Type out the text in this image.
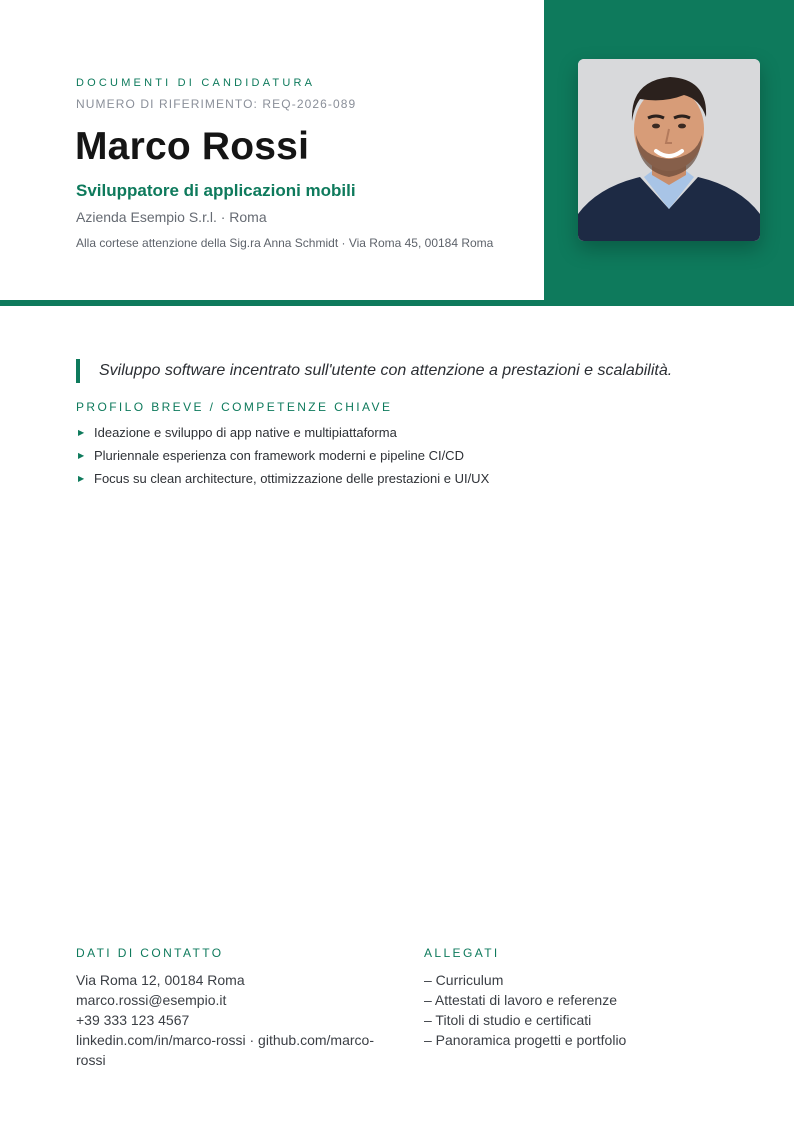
DOCUMENTI DI CANDIDATURA
NUMERO DI RIFERIMENTO: REQ-2026-089
Marco Rossi
Sviluppatore di applicazioni mobili
Azienda Esempio S.r.l. · Roma
Alla cortese attenzione della Sig.ra Anna Schmidt · Via Roma 45, 00184 Roma
Sviluppo software incentrato sull'utente con attenzione a prestazioni e scalabilità.
PROFILO BREVE / COMPETENZE CHIAVE
▶ Ideazione e sviluppo di app native e multipiattaforma
▶ Pluriennale esperienza con framework moderni e pipeline CI/CD
▶ Focus su clean architecture, ottimizzazione delle prestazioni e UI/UX
DATI DI CONTATTO
Via Roma 12, 00184 Roma
marco.rossi@esempio.it
+39 333 123 4567
linkedin.com/in/marco-rossi · github.com/marco-rossi
ALLEGATI
– Curriculum
– Attestati di lavoro e referenze
– Titoli di studio e certificati
– Panoramica progetti e portfolio
